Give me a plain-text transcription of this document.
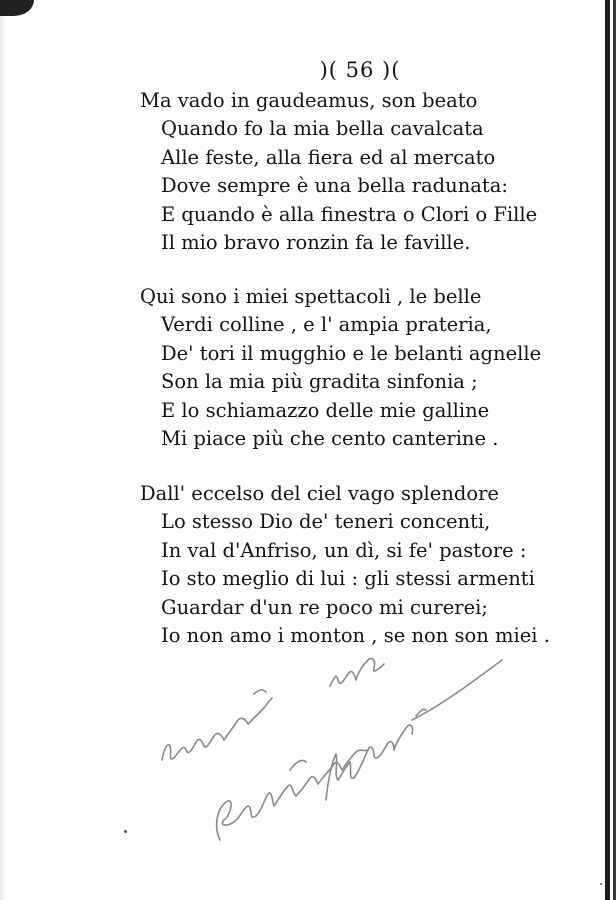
)( 56 )(
Ma vado in gaudeamus, son beato
Quando fo la mia bella cavalcata
Alle feste, alla fiera ed al mercato
Dove sempre è una bella radunata:
E quando è alla finestra o Clori o Fille
Il mio bravo ronzin fa le faville.
Qui sono i miei spettacoli , le belle
Verdi colline , e l' ampia prateria,
De' tori il mugghio e le belanti agnelle
Son la mia più gradita sinfonia ;
E lo schiamazzo delle mie galline
Mi piace più che cento canterine .
Dall' eccelso del ciel vago splendore
Lo stesso Dio de' teneri concenti,
In val d'Anfriso, un dì, si fe' pastore :
Io sto meglio di lui : gli stessi armenti
Guardar d'un re poco mi curerei;
Io non amo i monton , se non son miei .
